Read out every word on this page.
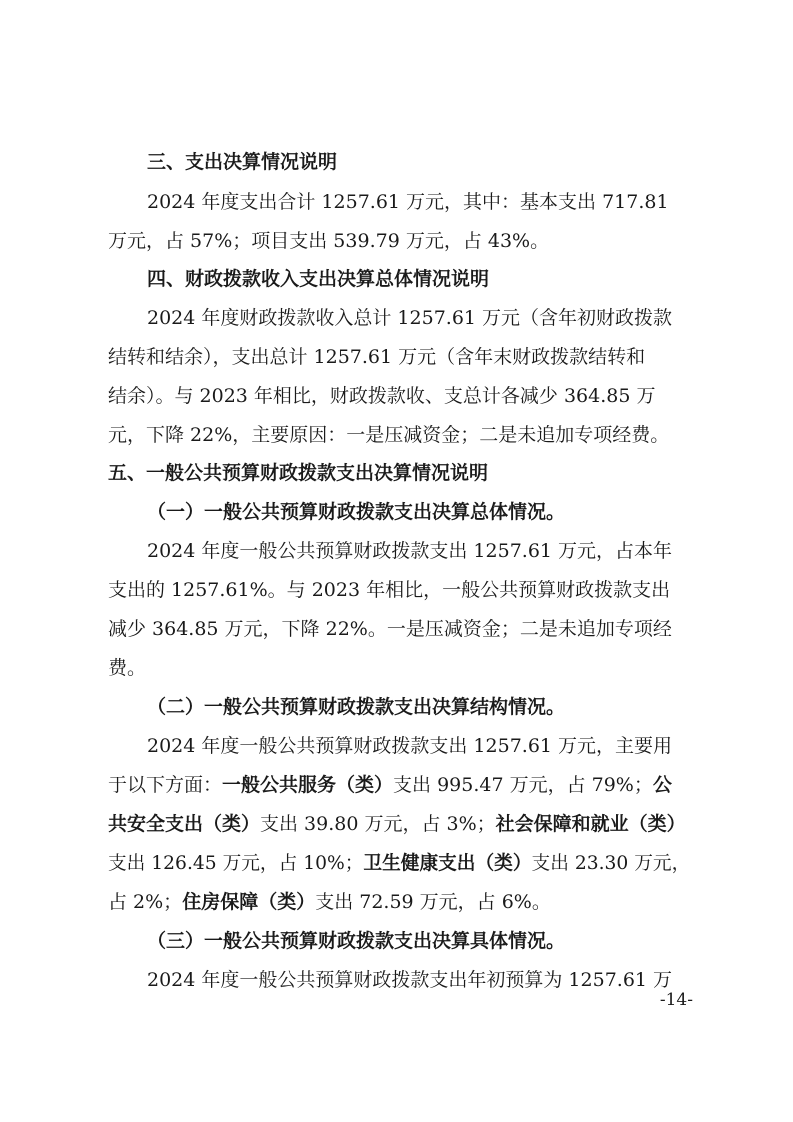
三、支出决算情况说明
2024 年度支出合计 1257.61 万元，其中：基本支出 717.81
万元，占 57%；项目支出 539.79 万元，占 43%。
四、财政拨款收入支出决算总体情况说明
2024 年度财政拨款收入总计 1257.61 万元（含年初财政拨款
结转和结余），支出总计 1257.61 万元（含年末财政拨款结转和
结余）。与 2023 年相比，财政拨款收、支总计各减少 364.85 万
元，下降 22%，主要原因：一是压减资金；二是未追加专项经费。
五、一般公共预算财政拨款支出决算情况说明
（一）一般公共预算财政拨款支出决算总体情况。
2024 年度一般公共预算财政拨款支出 1257.61 万元，占本年
支出的 1257.61%。与 2023 年相比，一般公共预算财政拨款支出
减少 364.85 万元，下降 22%。一是压减资金；二是未追加专项经
费。
（二）一般公共预算财政拨款支出决算结构情况。
2024 年度一般公共预算财政拨款支出 1257.61 万元，主要用
于以下方面：一般公共服务（类）支出 995.47 万元，占 79%；公
共安全支出（类）支出 39.80 万元，占 3%；社会保障和就业（类）
支出 126.45 万元，占 10%；卫生健康支出（类）支出 23.30 万元，
占 2%；住房保障（类）支出 72.59 万元，占 6%。
（三）一般公共预算财政拨款支出决算具体情况。
2024 年度一般公共预算财政拨款支出年初预算为 1257.61 万
-14-
